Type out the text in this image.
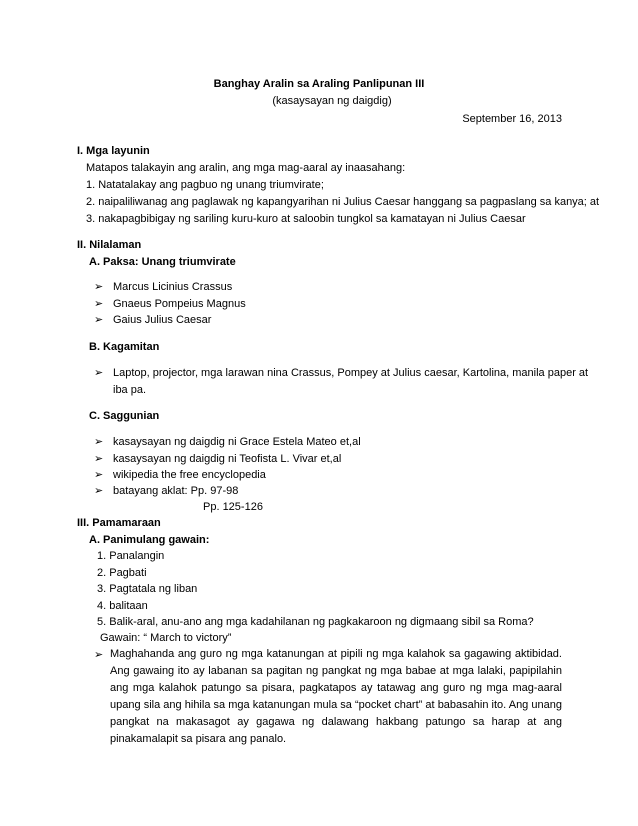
Banghay Aralin sa Araling Panlipunan III
(kasaysayan ng daigdig)
September 16, 2013
I. Mga layunin
Matapos talakayin ang aralin, ang mga mag-aaral ay inaasahang:
1. Natatalakay ang pagbuo ng unang triumvirate;
2. naipaliliwanag ang paglawak ng kapangyarihan ni Julius Caesar hanggang sa pagpaslang sa kanya; at
3. nakapagbibigay ng sariling kuru-kuro at saloobin tungkol sa kamatayan ni Julius Caesar
II. Nilalaman
A. Paksa: Unang triumvirate
➢ Marcus Licinius Crassus
➢ Gnaeus Pompeius Magnus
➢ Gaius Julius Caesar
B. Kagamitan
➢ Laptop, projector, mga larawan nina Crassus, Pompey at Julius caesar, Kartolina, manila paper at
iba pa.
C. Saggunian
➢ kasaysayan ng daigdig ni Grace Estela Mateo et,al
➢ kasaysayan ng daigdig ni Teofista L. Vivar et,al
➢ wikipedia the free encyclopedia
➢ batayang aklat: Pp. 97-98
Pp. 125-126
III. Pamamaraan
A. Panimulang gawain:
1. Panalangin
2. Pagbati
3. Pagtatala ng liban
4. balitaan
5. Balik-aral, anu-ano ang mga kadahilanan ng pagkakaroon ng digmaang sibil sa Roma?
Gawain: “ March to victory”
➢ Maghahanda ang guro ng mga katanungan at pipili ng mga kalahok sa gagawing aktibidad. Ang gawaing ito ay labanan sa pagitan ng pangkat ng mga babae at mga lalaki, papipilahin ang mga kalahok patungo sa pisara, pagkatapos ay tatawag ang guro ng mga mag-aaral upang sila ang hihila sa mga katanungan mula sa “pocket chart” at babasahin ito. Ang unang pangkat na makasagot ay gagawa ng dalawang hakbang patungo sa harap at ang pinakamalapit sa pisara ang panalo.
